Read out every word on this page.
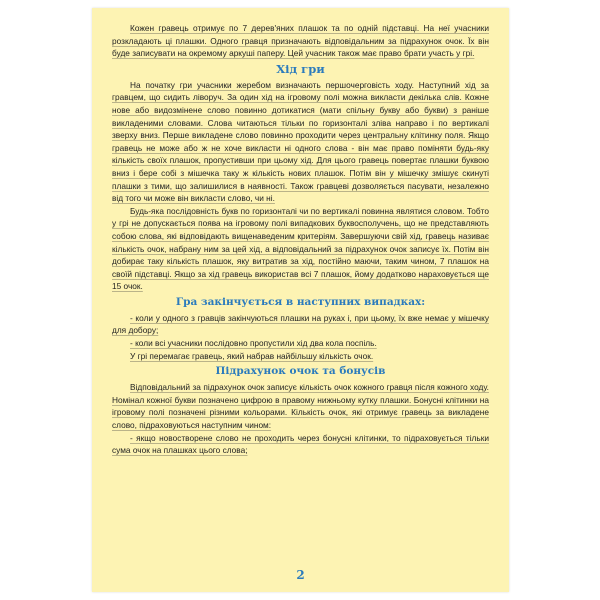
Кожен гравець отримує по 7 дерев'яних плашок та по одній підставці. На неї учасники розкладають ці плашки. Одного гравця призначають відповідальним за підрахунок очок. Їх він буде записувати на окремому аркуші паперу. Цей учасник також має право брати участь у грі.

Хід гри

На початку гри учасники жеребом визначають першочерговість ходу. Наступний хід за гравцем, що сидить ліворуч. За один хід на ігровому полі можна викласти декілька слів. Кожне нове або видозмінене слово повинно дотикатися (мати спільну букву або букви) з раніше викладеними словами. Слова читаються тільки по горизонталі зліва направо і по вертикалі зверху вниз. Перше викладене слово повинно проходити через центральну клітинку поля. Якщо гравець не може або ж не хоче викласти ні одного слова - він має право поміняти будь-яку кількість своїх плашок, пропустивши при цьому хід. Для цього гравець повертає плашки буквою вниз і бере собі з мішечка таку ж кількість нових плашок. Потім він у мішечку змішує скинуті плашки з тими, що залишилися в наявності. Також гравцеві дозволяється пасувати, незалежно від того чи може він викласти слово, чи ні.

Будь-яка послідовність букв по горизонталі чи по вертикалі повинна являтися словом. Тобто у грі не допускається поява на ігровому полі випадкових буквосполучень, що не представляють собою слова, які відповідають вищенаведеним критеріям. Завершуючи свій хід, гравець називає кількість очок, набрану ним за цей хід, а відповідальний за підрахунок очок записує їх. Потім він добирає таку кількість плашок, яку витратив за хід, постійно маючи, таким чином, 7 плашок на своїй підставці. Якщо за хід гравець використав всі 7 плашок, йому додатково нараховується ще 15 очок.

Гра закінчується в наступних випадках:

- коли у одного з гравців закінчуються плашки на руках і, при цьому, їх вже немає у мішечку для добору;

- коли всі учасники послідовно пропустили хід два кола поспіль.

У грі перемагає гравець, який набрав найбільшу кількість очок.

Підрахунок очок та бонусів

Відповідальний за підрахунок очок записує кількість очок кожного гравця після кожного ходу. Номінал кожної букви позначено цифрою в правому нижньому кутку плашки. Бонусні клітинки на ігровому полі позначені різними кольорами. Кількість очок, які отримує гравець за викладене слово, підраховуються наступним чином:

- якщо новостворене слово не проходить через бонусні клітинки, то підраховується тільки сума очок на плашках цього слова;

2
